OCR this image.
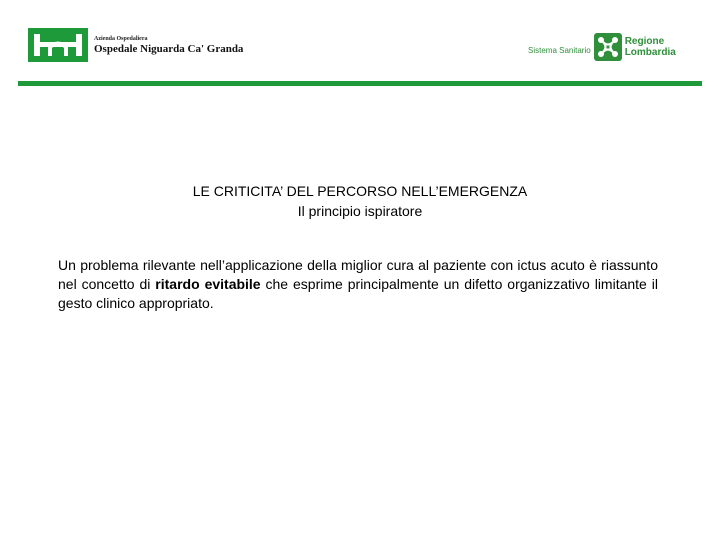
Azienda Ospedaliera
Ospedale Niguarda Ca' Granda	Sistema Sanitario
Regione
Lombardia
LE CRITICITA’ DEL PERCORSO NELL’EMERGENZA
Il principio ispiratore
Un problema rilevante nell’applicazione della miglior cura al paziente con ictus acuto è riassunto nel concetto di ritardo evitabile che esprime principalmente un difetto organizzativo limitante il gesto clinico appropriato.
